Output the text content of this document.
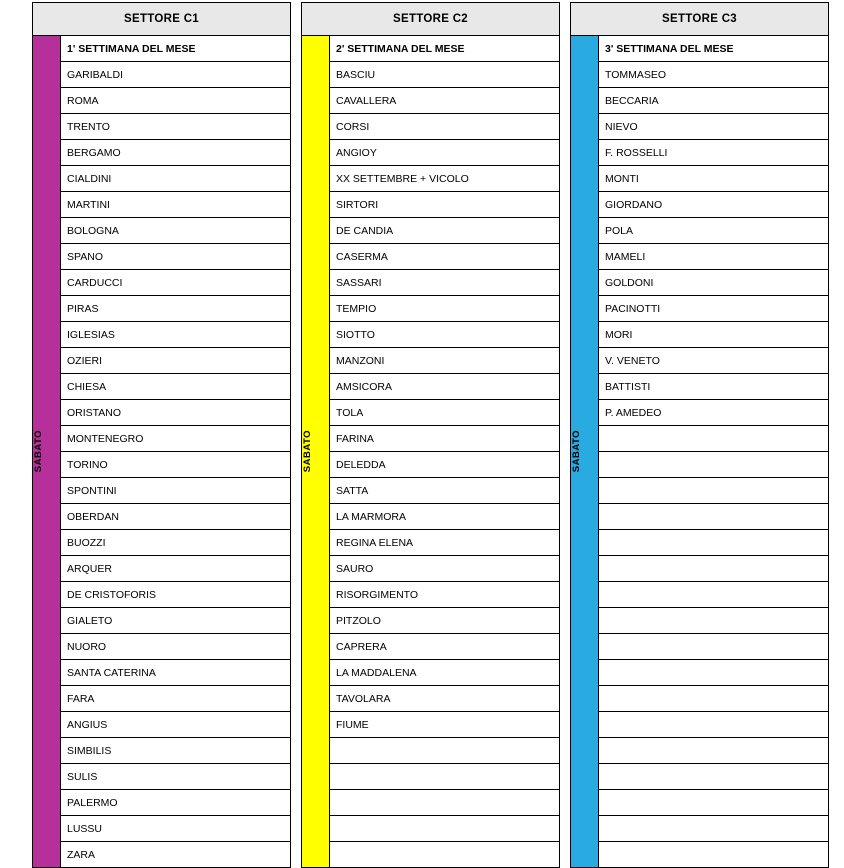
SETTORE C1			SETTORE C2			SETTORE C3	

SABATO	1' SETTIMANA DEL MESE		SABATO	2' SETTIMANA DEL MESE		SABATO	3' SETTIMANA DEL MESE
	GARIBALDI			BASCIU			TOMMASEO
	ROMA			CAVALLERA			BECCARIA
	TRENTO			CORSI			NIEVO
	BERGAMO			ANGIOY			F. ROSSELLI
	CIALDINI			XX SETTEMBRE + VICOLO			MONTI
	MARTINI			SIRTORI			GIORDANO
	BOLOGNA			DE CANDIA			POLA
	SPANO			CASERMA			MAMELI
	CARDUCCI			SASSARI			GOLDONI
	PIRAS			TEMPIO			PACINOTTI
	IGLESIAS			SIOTTO			MORI
	OZIERI			MANZONI			V. VENETO
	CHIESA			AMSICORA			BATTISTI
	ORISTANO			TOLA			P. AMEDEO
	MONTENEGRO			FARINA			
	TORINO			DELEDDA			
	SPONTINI			SATTA			
	OBERDAN			LA MARMORA			
	BUOZZI			REGINA ELENA			
	ARQUER			SAURO			
	DE CRISTOFORIS			RISORGIMENTO			
	GIALETO			PITZOLO			
	NUORO			CAPRERA			
	SANTA CATERINA			LA MADDALENA			
	FARA			TAVOLARA			
	ANGIUS			FIUME			
	SIMBILIS						
	SULIS						
	PALERMO						
	LUSSU						
	ZARA						
